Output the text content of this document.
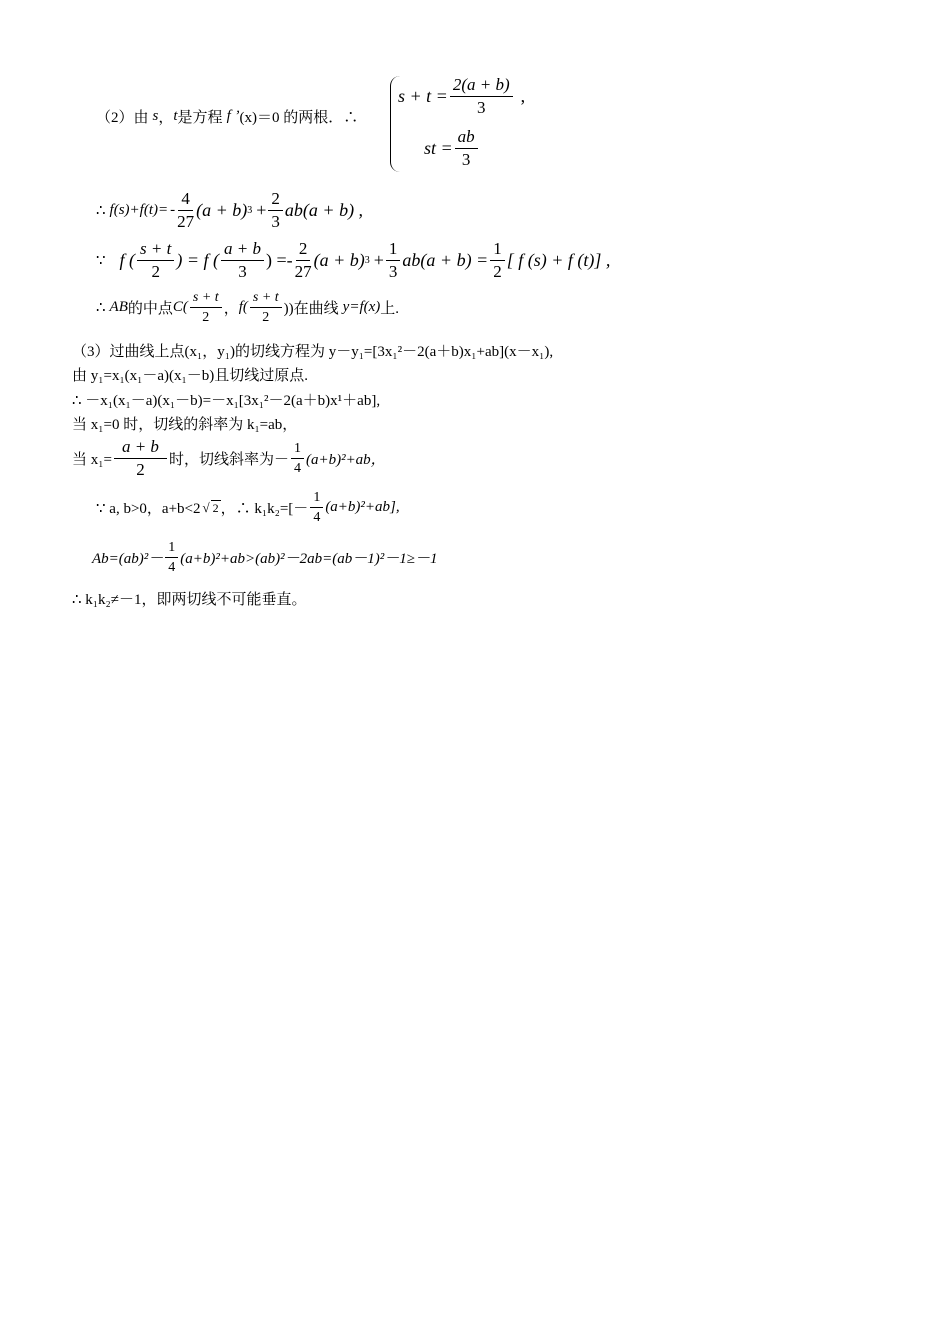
（2）由 s ， t 是方程 f ’ (x)＝0 的两根．∴
$s + t = \frac{2(a + b)}{3}$ ,
st = $\frac{ab}{3}$
∴ $f(s)+f(t)= - \frac{4}{27} (a + b) 3 + \frac{2}{3} ab(a + b)$ ,
∵ f ( $\frac{s + t}{2}$ ) = f ( $\frac{a + b}{3}$ ) =- $\frac{2}{27} (a + b) 3 + \frac{1}{3} ab(a + b) = \frac{1}{2}$ [ f (s) + f (t)] ,
∴ AB 的中点 $C( \frac{s + t}{2}$ ， $f( \frac{s + t}{2}$ ))在曲线 y=f(x) 上.
（3）过曲线上点(x₁，y₁)的切线方程为 y－y₁=[3x₁²－2(a＋b)x₁+ab](x－x₁),
由 y₁=x₁(x₁－a)(x₁－b)且切线过原点.
∴ －x₁(x₁－a)(x₁－b)=－x₁[3x₁²－2(a＋b)x¹＋ab],
当 x₁=0 时，切线的斜率为 k₁=ab，
当 $x_1= \frac{a + b}{2}$ 时，切线斜率为－ $\frac{1}{4} (a+b)^2+ab$，
∵ a, b>0，a+b<2 √ 2 ，∴ $k_1k_2=[- \frac{1}{4} (a+b)^2+ab]$,
$Ab=(ab)^2- \frac{1}{4} (a+b)^2+ab>(ab)^2-2ab=(ab-1)^2-1\ge-1$
∴ k₁k₂≠－1，即两切线不可能垂直。
